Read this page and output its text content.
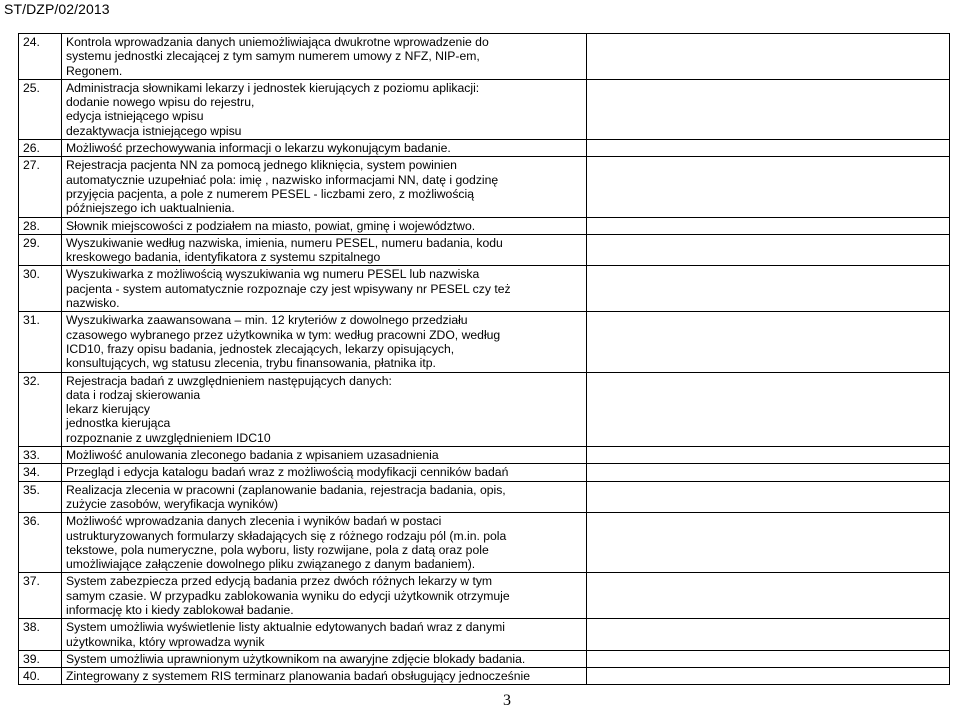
ST/DZP/02/2013
24.	Kontrola wprowadzania danych uniemożliwiająca dwukrotne wprowadzenie do
systemu jednostki zlecającej z tym samym numerem umowy z NFZ, NIP-em,
Regonem.	

25.	Administracja słownikami lekarzy i jednostek kierujących z poziomu aplikacji:
dodanie nowego wpisu do rejestru,
edycja istniejącego wpisu
dezaktywacja istniejącego wpisu	

26.	Możliwość przechowywania informacji o lekarzu wykonującym badanie.	

27.	Rejestracja pacjenta NN za pomocą jednego kliknięcia, system powinien
automatycznie uzupełniać pola: imię , nazwisko informacjami NN, datę i godzinę
przyjęcia pacjenta, a pole z numerem PESEL - liczbami zero, z możliwością
późniejszego ich uaktualnienia.	

28.	Słownik miejscowości z podziałem na miasto, powiat, gminę i województwo.	

29.	Wyszukiwanie według nazwiska, imienia, numeru PESEL, numeru badania, kodu
kreskowego badania, identyfikatora z systemu szpitalnego	

30.	Wyszukiwarka z możliwością wyszukiwania wg numeru PESEL lub nazwiska
pacjenta - system automatycznie rozpoznaje czy jest wpisywany nr PESEL czy też
nazwisko.	

31.	Wyszukiwarka zaawansowana – min. 12 kryteriów z dowolnego przedziału
czasowego wybranego przez użytkownika w tym: według pracowni ZDO, według
ICD10, frazy opisu badania, jednostek zlecających, lekarzy opisujących,
konsultujących, wg statusu zlecenia, trybu finansowania, płatnika itp.	

32.	Rejestracja badań z uwzględnieniem następujących danych:
data i rodzaj skierowania
lekarz kierujący
jednostka kierująca
rozpoznanie z uwzględnieniem IDC10	

33.	Możliwość anulowania zleconego badania z wpisaniem uzasadnienia	

34.	Przegląd i edycja katalogu badań wraz z możliwością modyfikacji cenników badań	

35.	Realizacja zlecenia w pracowni (zaplanowanie badania, rejestracja badania, opis,
zużycie zasobów, weryfikacja wyników)	

36.	Możliwość wprowadzania danych zlecenia i wyników badań w postaci
ustrukturyzowanych formularzy składających się z różnego rodzaju pól (m.in. pola
tekstowe, pola numeryczne, pola wyboru, listy rozwijane, pola z datą oraz pole
umożliwiające załączenie dowolnego pliku związanego z danym badaniem).	

37.	System zabezpiecza przed edycją badania przez dwóch różnych lekarzy w tym
samym czasie. W przypadku zablokowania wyniku do edycji użytkownik otrzymuje
informację kto i kiedy zablokował badanie.	

38.	System umożliwia wyświetlenie listy aktualnie edytowanych badań wraz z danymi
użytkownika, który wprowadza wynik	

39.	System umożliwia uprawnionym użytkownikom na awaryjne zdjęcie blokady badania.	

40.	Zintegrowany z systemem RIS terminarz planowania badań obsługujący jednocześnie	

3
